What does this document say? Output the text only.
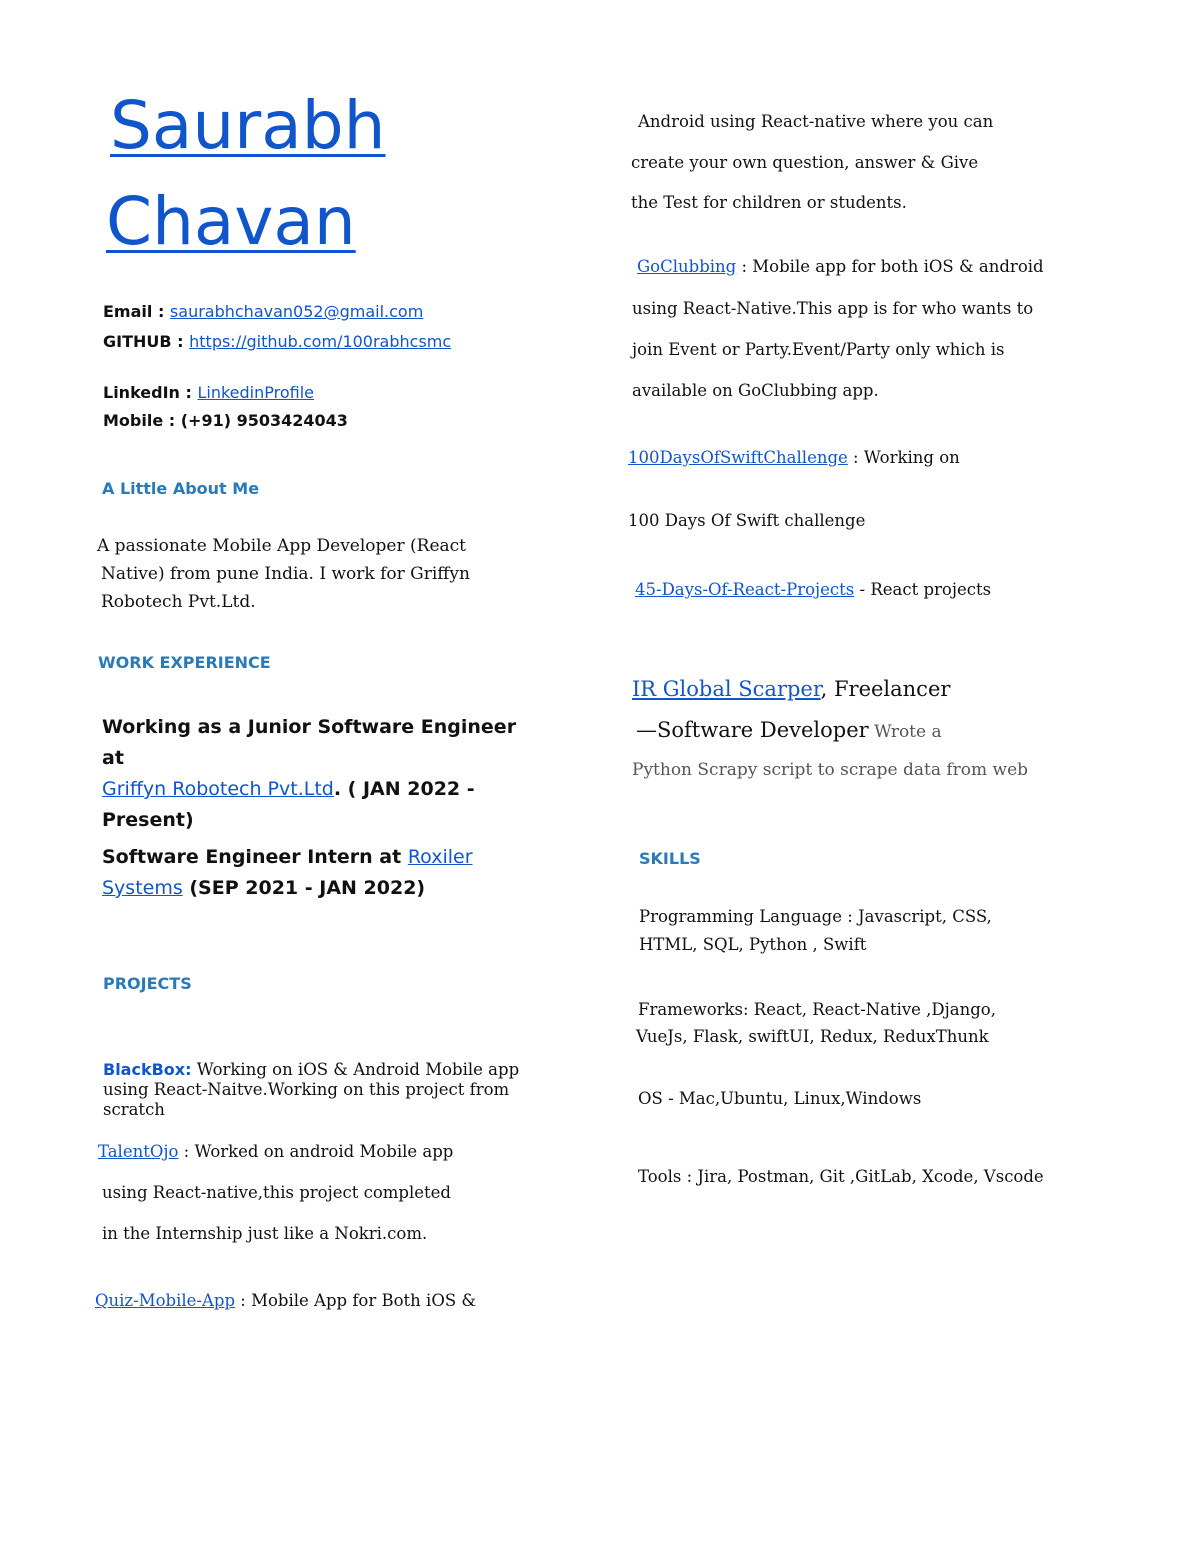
Saurabh
Chavan
Email : saurabhchavan052@gmail.com
GITHUB : https://github.com/100rabhcsmc
LinkedIn : LinkedinProfile
Mobile : (+91) 9503424043
A Little About Me
A passionate Mobile App Developer (React
Native) from pune India. I work for Griffyn
Robotech Pvt.Ltd.
WORK EXPERIENCE
Working as a Junior Software Engineer at
Griffyn Robotech Pvt.Ltd. ( JAN 2022 -
Present)
Software Engineer Intern at Roxiler
Systems (SEP 2021 - JAN 2022)
PROJECTS
BlackBox: Working on iOS & Android Mobile app
using React-Naitve.Working on this project from
scratch
TalentOjo : Worked on android Mobile app
using React-native,this project completed
in the Internship just like a Nokri.com.
Quiz-Mobile-App : Mobile App for Both iOS &
Android using React-native where you can
create your own question, answer & Give
the Test for children or students.
GoClubbing : Mobile app for both iOS & android
using React-Native.This app is for who wants to
join Event or Party.Event/Party only which is
available on GoClubbing app.
100DaysOfSwiftChallenge : Working on
100 Days Of Swift challenge
45-Days-Of-React-Projects - React projects
IR Global Scarper, Freelancer
—Software Developer Wrote a
Python Scrapy script to scrape data from web
SKILLS
Programming Language : Javascript, CSS,
HTML, SQL, Python , Swift
Frameworks: React, React-Native ,Django,
VueJs, Flask, swiftUI, Redux, ReduxThunk
OS - Mac,Ubuntu, Linux,Windows
Tools : Jira, Postman, Git ,GitLab, Xcode, Vscode
